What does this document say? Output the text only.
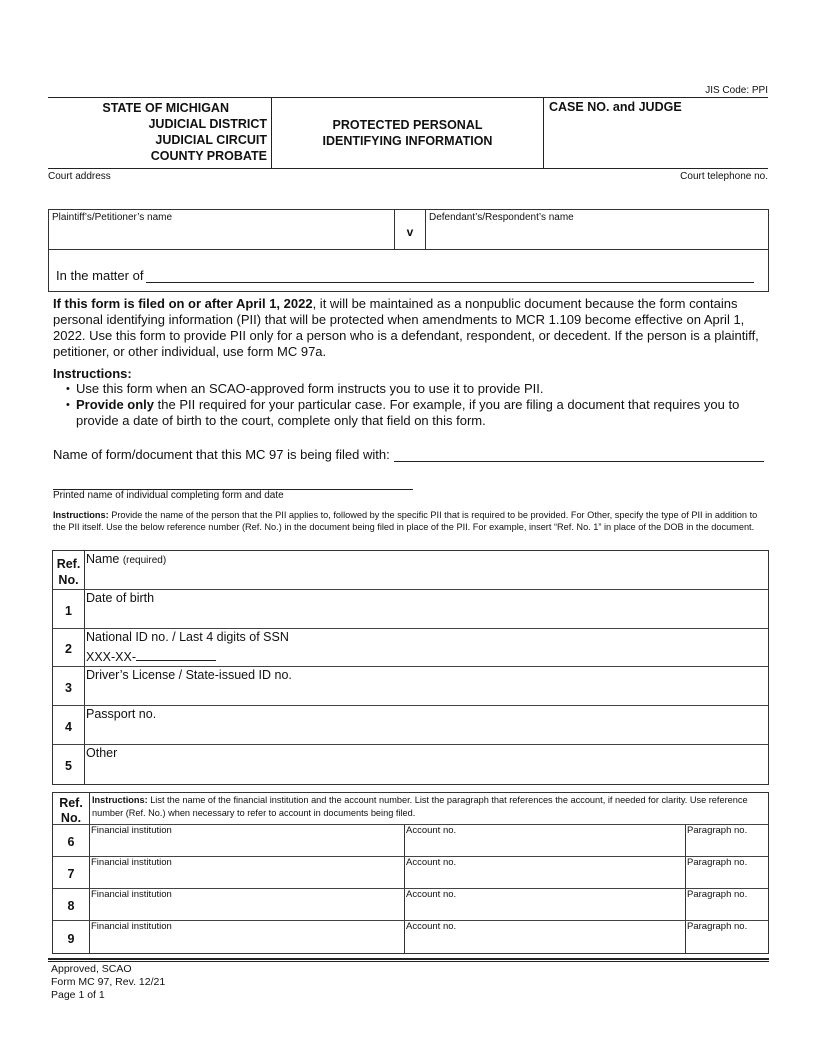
JIS Code: PPI
STATE OF MICHIGAN
JUDICIAL DISTRICT
JUDICIAL CIRCUIT
COUNTY PROBATE
PROTECTED PERSONAL
IDENTIFYING INFORMATION
CASE NO. and JUDGE
Court address	Court telephone no.
Plaintiff’s/Petitioner’s name
v
Defendant’s/Respondent’s name
In the matter of
If this form is filed on or after April 1, 2022, it will be maintained as a nonpublic document because the form contains personal identifying information (PII) that will be protected when amendments to MCR 1.109 become effective on April 1, 2022. Use this form to provide PII only for a person who is a defendant, respondent, or decedent. If the person is a plaintiff, petitioner, or other individual, use form MC 97a.
Instructions:
• Use this form when an SCAO-approved form instructs you to use it to provide PII.
• Provide only the PII required for your particular case. For example, if you are filing a document that requires you to provide a date of birth to the court, complete only that field on this form.
Name of form/document that this MC 97 is being filed with:
Printed name of individual completing form and date
Instructions: Provide the name of the person that the PII applies to, followed by the specific PII that is required to be provided. For Other, specify the type of PII in addition to the PII itself. Use the below reference number (Ref. No.) in the document being filed in place of the PII. For example, insert “Ref. No. 1” in place of the DOB in the document.
Ref. No.
Name (required)
1
Date of birth
2
National ID no. / Last 4 digits of SSN
XXX-XX-
3
Driver’s License / State-issued ID no.
4
Passport no.
5
Other
Ref. No.
Instructions: List the name of the financial institution and the account number. List the paragraph that references the account, if needed for clarity. Use reference number (Ref. No.) when necessary to refer to account in documents being filed.
6
Financial institution	Account no.	Paragraph no.
7
Financial institution	Account no.	Paragraph no.
8
Financial institution	Account no.	Paragraph no.
9
Financial institution	Account no.	Paragraph no.
Approved, SCAO
Form MC 97, Rev. 12/21
Page 1 of 1
